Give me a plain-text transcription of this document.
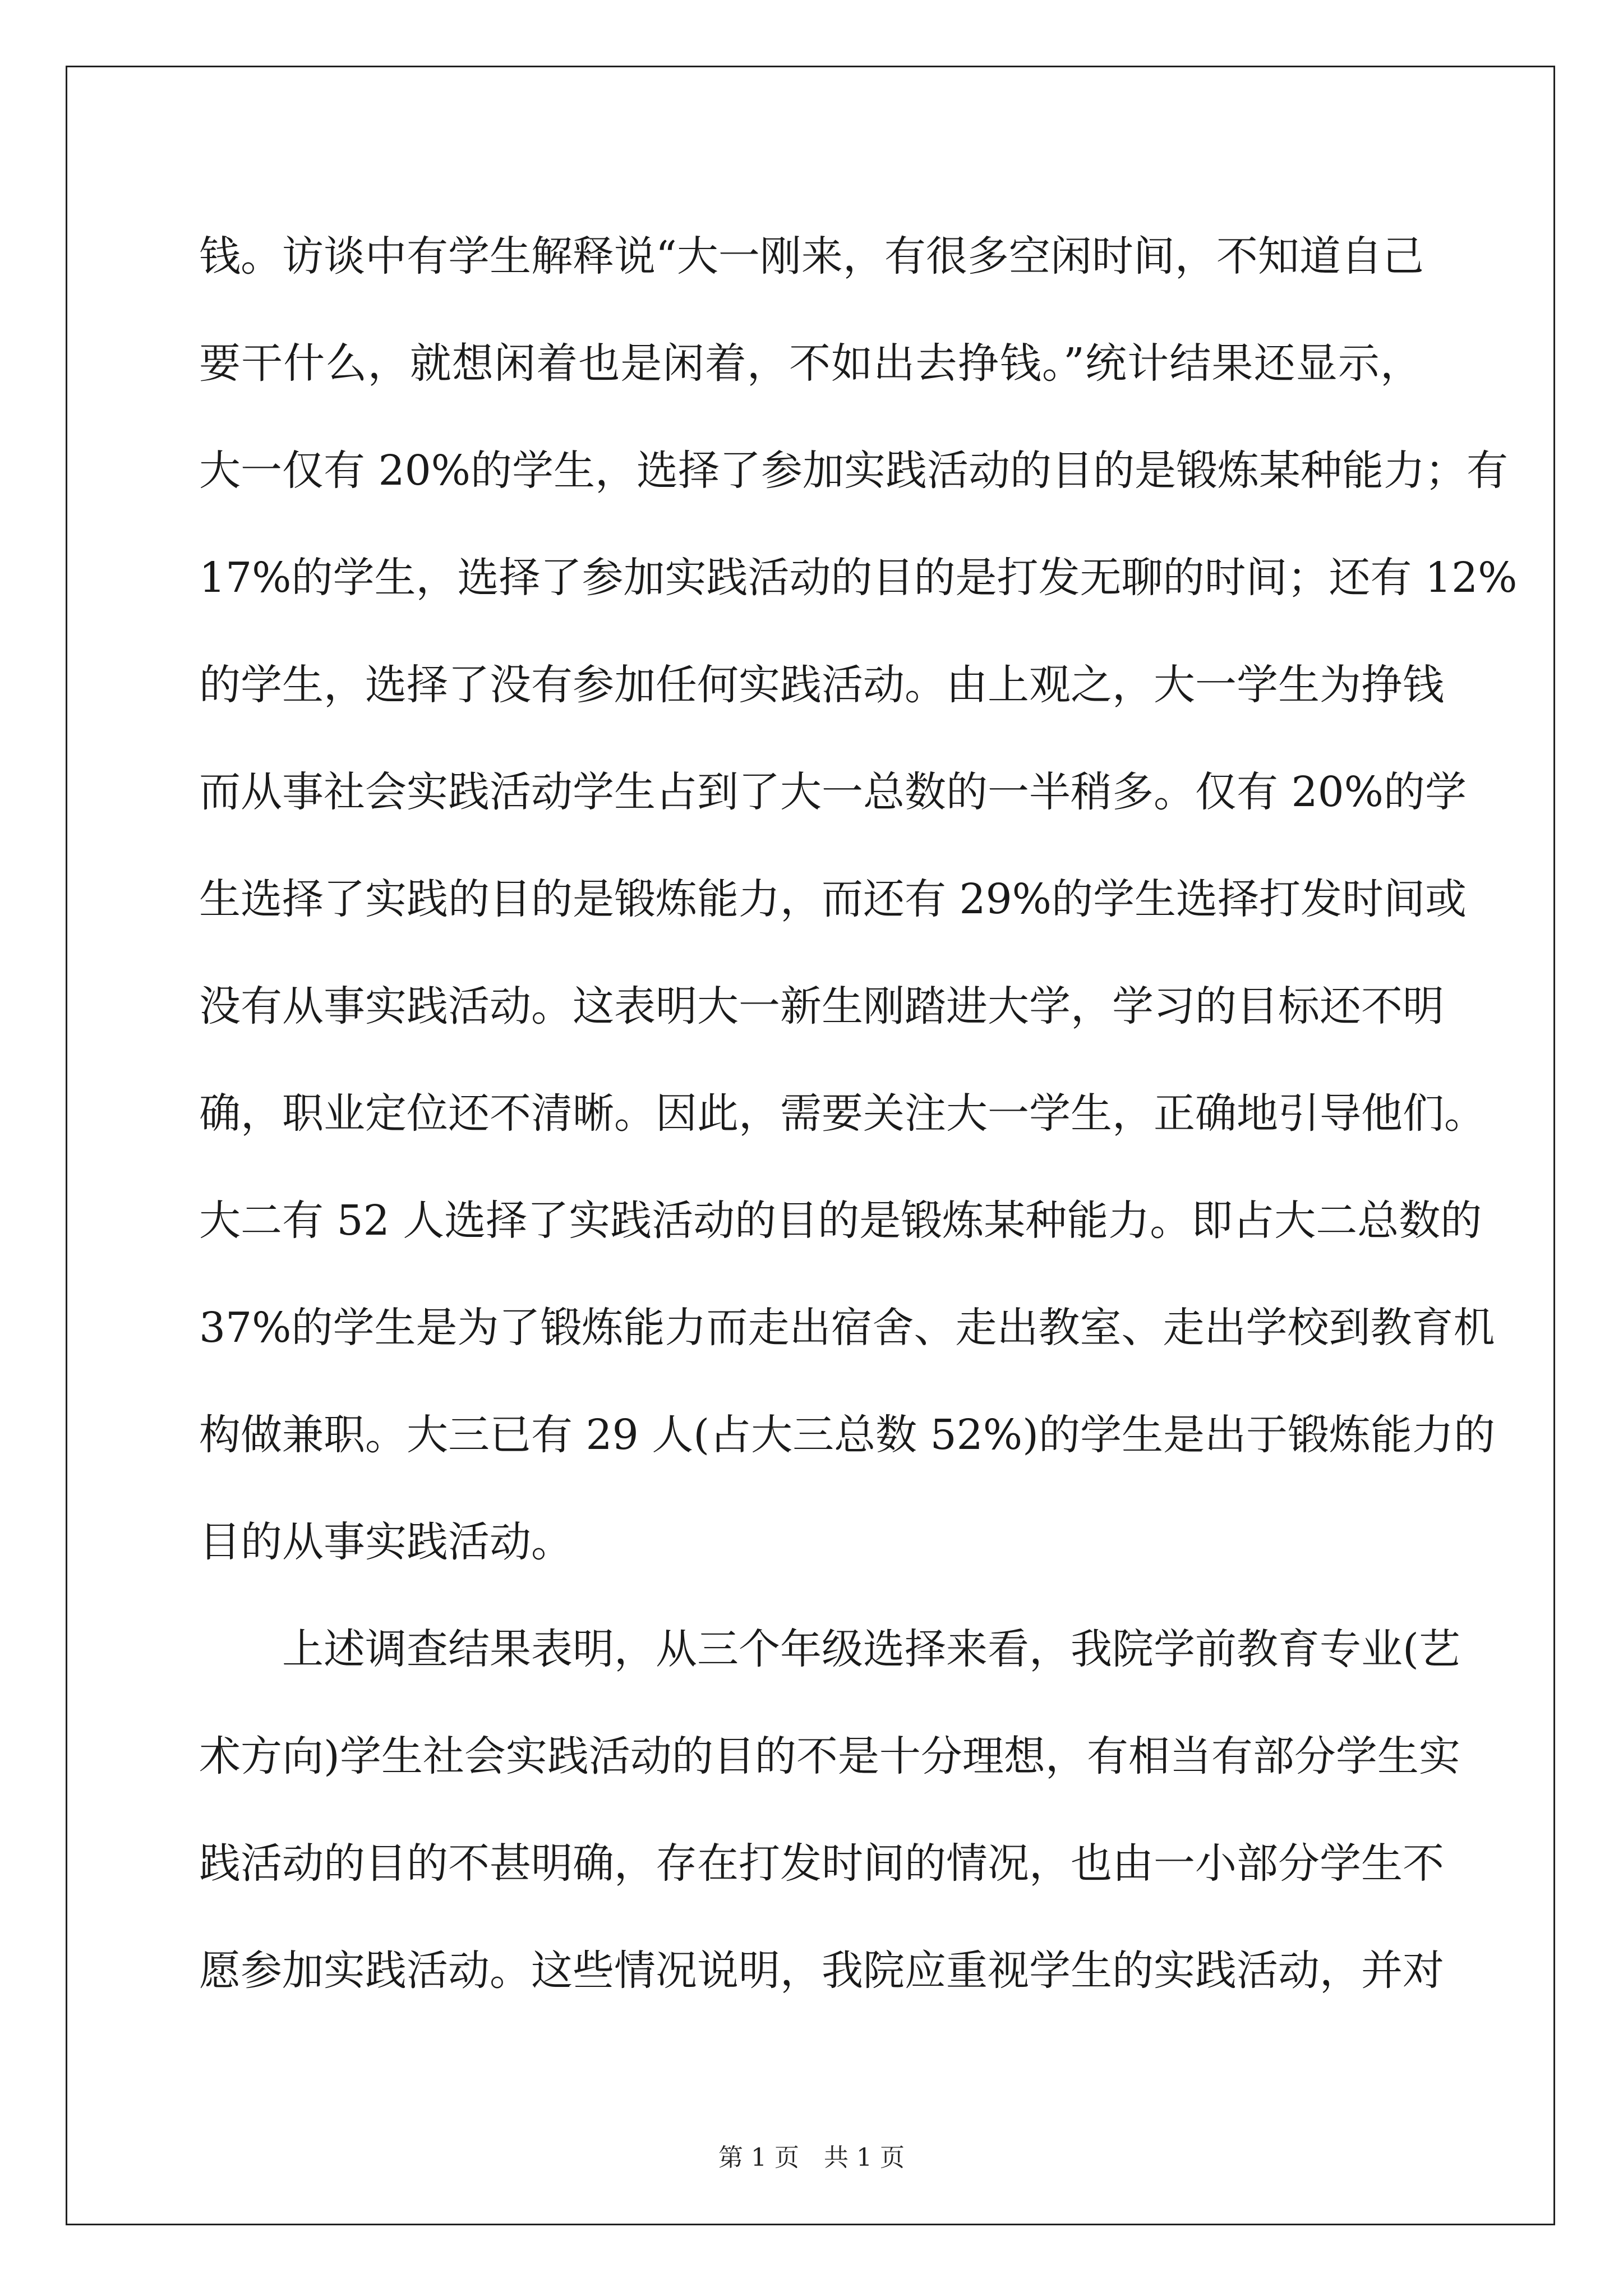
钱。访谈中有学生解释说“大一刚来，有很多空闲时间，不知道自己
要干什么，就想闲着也是闲着，不如出去挣钱。”统计结果还显示，
大一仅有 20%的学生，选择了参加实践活动的目的是锻炼某种能力；有
17%的学生，选择了参加实践活动的目的是打发无聊的时间；还有 12%
的学生，选择了没有参加任何实践活动。由上观之，大一学生为挣钱
而从事社会实践活动学生占到了大一总数的一半稍多。仅有 20%的学
生选择了实践的目的是锻炼能力，而还有 29%的学生选择打发时间或
没有从事实践活动。这表明大一新生刚踏进大学，学习的目标还不明
确，职业定位还不清晰。因此，需要关注大一学生，正确地引导他们。
大二有 52 人选择了实践活动的目的是锻炼某种能力。即占大二总数的
37%的学生是为了锻炼能力而走出宿舍、走出教室、走出学校到教育机
构做兼职。大三已有 29 人(占大三总数 52%)的学生是出于锻炼能力的
目的从事实践活动。
上述调查结果表明，从三个年级选择来看，我院学前教育专业(艺
术方向)学生社会实践活动的目的不是十分理想，有相当有部分学生实
践活动的目的不甚明确，存在打发时间的情况，也由一小部分学生不
愿参加实践活动。这些情况说明，我院应重视学生的实践活动，并对
第 1 页　共 1 页
